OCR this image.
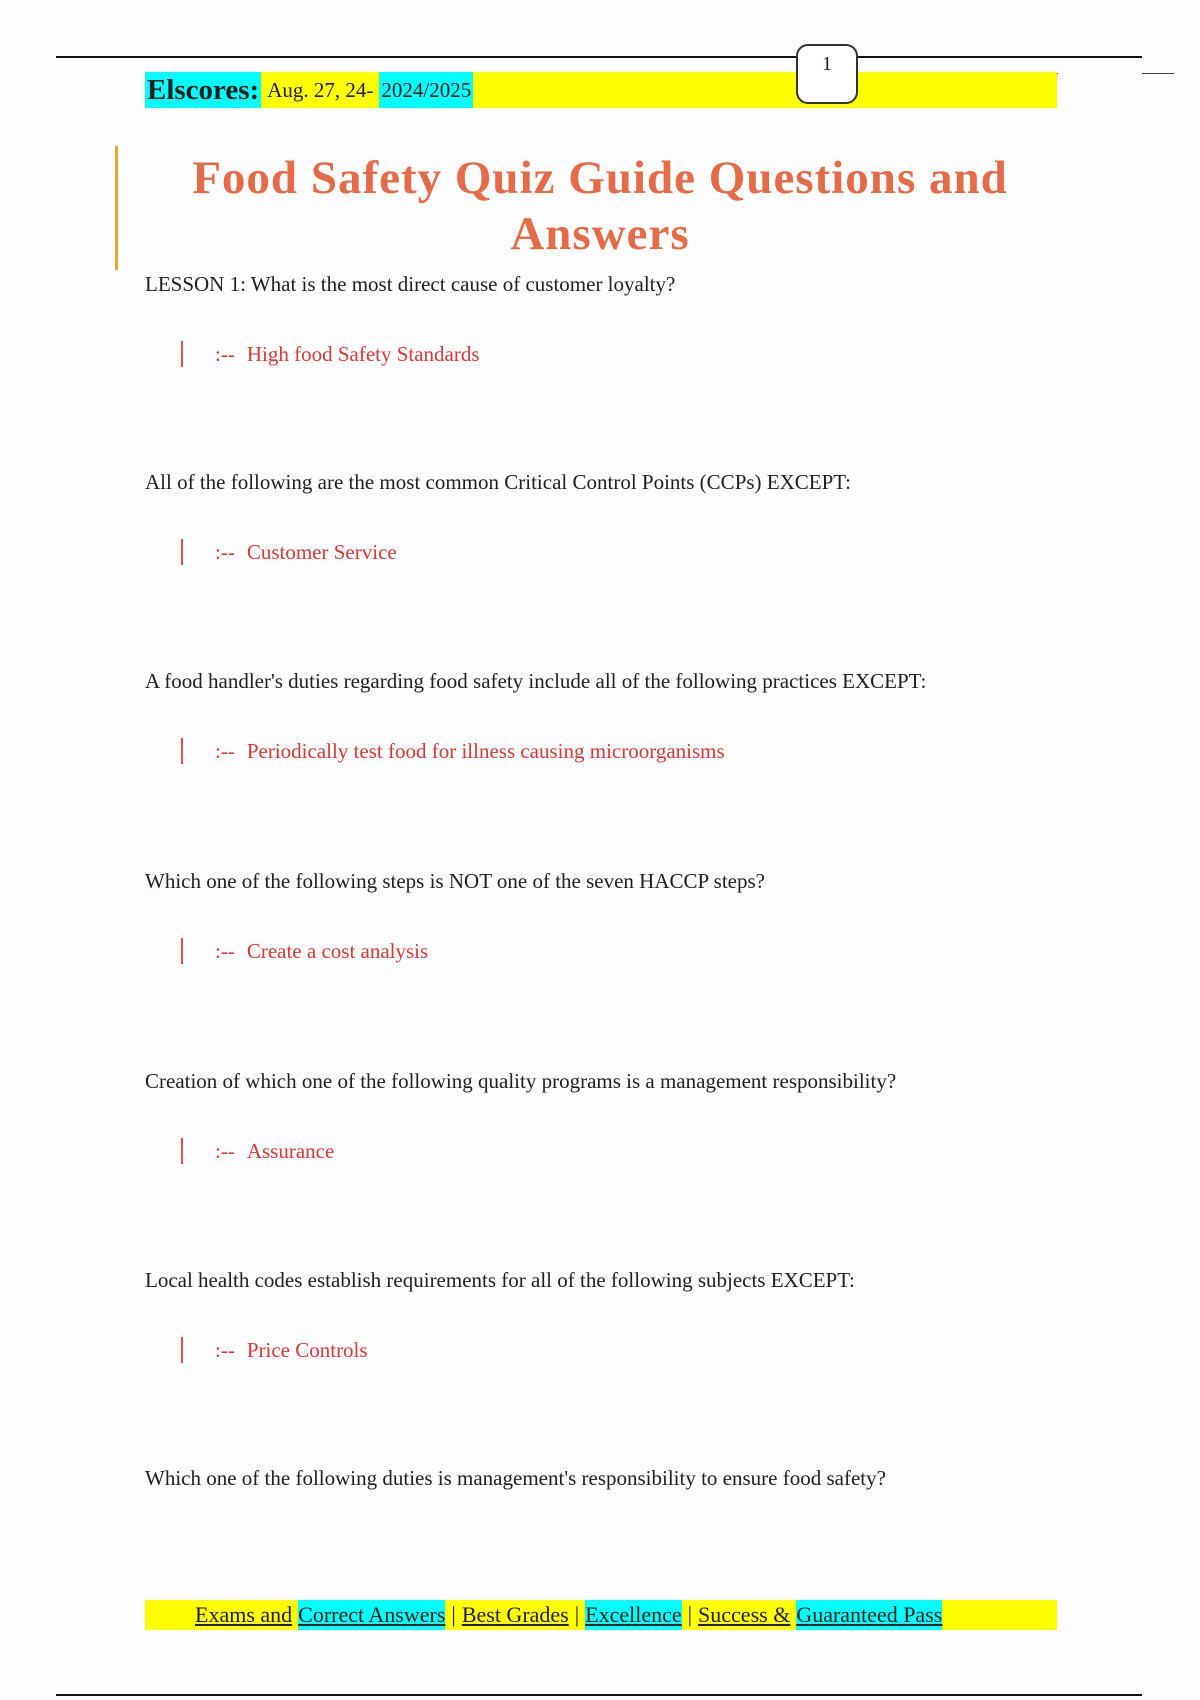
Elscores: Aug. 27, 24- 2024/2025
1
Food Safety Quiz Guide Questions and Answers

LESSON 1: What is the most direct cause of customer loyalty?

:-- High food Safety Standards

All of the following are the most common Critical Control Points (CCPs) EXCEPT:

:-- Customer Service

A food handler's duties regarding food safety include all of the following practices EXCEPT:

:-- Periodically test food for illness causing microorganisms

Which one of the following steps is NOT one of the seven HACCP steps?

:-- Create a cost analysis

Creation of which one of the following quality programs is a management responsibility?

:-- Assurance

Local health codes establish requirements for all of the following subjects EXCEPT:

:-- Price Controls

Which one of the following duties is management's responsibility to ensure food safety?

Exams and Correct Answers | Best Grades | Excellence | Success & Guaranteed Pass
